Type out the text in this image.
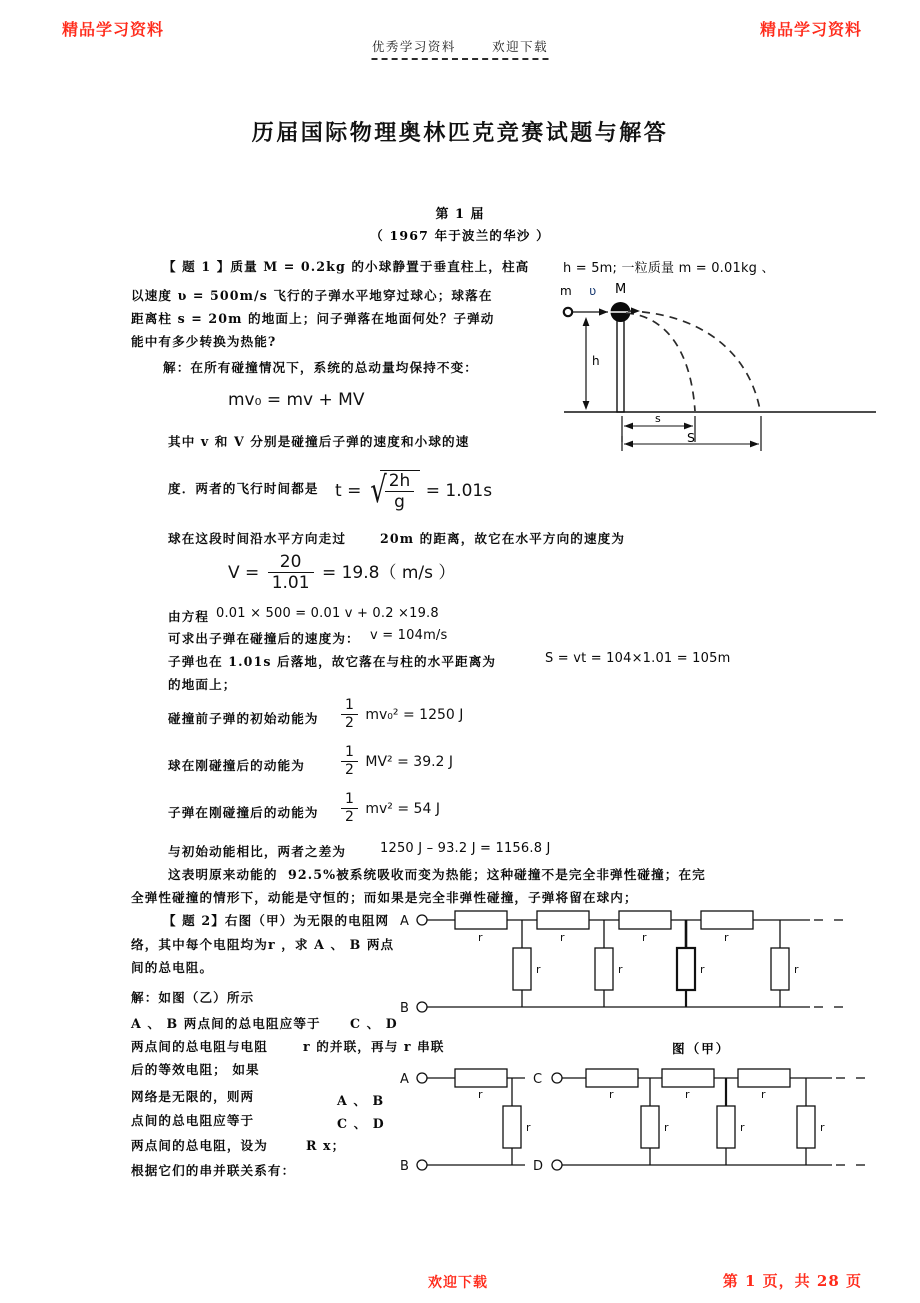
精品学习资料	精品学习资料
优秀学习资料	欢迎下载
历届国际物理奥林匹克竞赛试题与解答
第 1 届
（ 1967 年于波兰的华沙 ）
【 题 1 】质量 M = 0.2kg 的小球静置于垂直柱上，柱高
以速度 ʋ = 500m/s 飞行的子弹水平地穿过球心；球落在
距离柱 s = 20m 的地面上；问子弹落在地面何处？子弹动
能中有多少转换为热能?
解：在所有碰撞情况下，系统的总动量均保持不变：
mv₀ = mv + MV
其中 v 和 V 分别是碰撞后子弹的速度和小球的速
度．两者的飞行时间都是 t = √
$\frac{2h}{g} = 1.01s$
球在这段时间沿水平方向走过	20m 的距离，故它在水平方向的速度为
$V = \frac{20}{1.01} = 19.8$（ m/s ）
由方程 0.01 × 500 = 0.01 v + 0.2 ×19.8
可求出子弹在碰撞后的速度为： v = 104m/s
子弹也在 1.01s 后落地，故它落在与柱的水平距离为	S = vt = 104×1.01 = 105m
的地面上；
碰撞前子弹的初始动能为 $\frac{1}{2} mv_0^2 = 1250$ J
球在刚碰撞后的动能为	$\frac{1}{2} MV^2 = 39.2$ J
子弹在刚碰撞后的动能为 $\frac{1}{2} mv^2 = 54$ J
与初始动能相比，两者之差为	1250 J – 93.2 J = 1156.8 J
这表明原来动能的 92.5%被系统吸收而变为热能；这种碰撞不是完全非弹性碰撞；在完
全弹性碰撞的情形下，动能是守恒的；而如果是完全非弹性碰撞，子弹将留在球内；
h = 5m; 一粒质量 m = 0.01kg 、
m ʋ M
h
s
S
【 题 2】右图（甲）为无限的电阻网
络，其中每个电阻均为 r ，求 A 、 B 两点
间的总电阻。
解：如图（乙）所示
A 、 B 两点间的总电阻应等于 C 、 D
两点间的总电阻与电阻	r 的并联，再与 r 串联
后的等效电阻； 如果
网络是无限的，则两	A 、 B
点间的总电阻应等于	C 、 D
两点间的总电阻，设为	R x；
根据它们的串并联关系有：
r	r	r	r
r	r	r	r
A
B
图（甲）
r
r
r	r	r
r	r	r
A
B
C
D
欢迎下载	第 1 页，共 28 页
